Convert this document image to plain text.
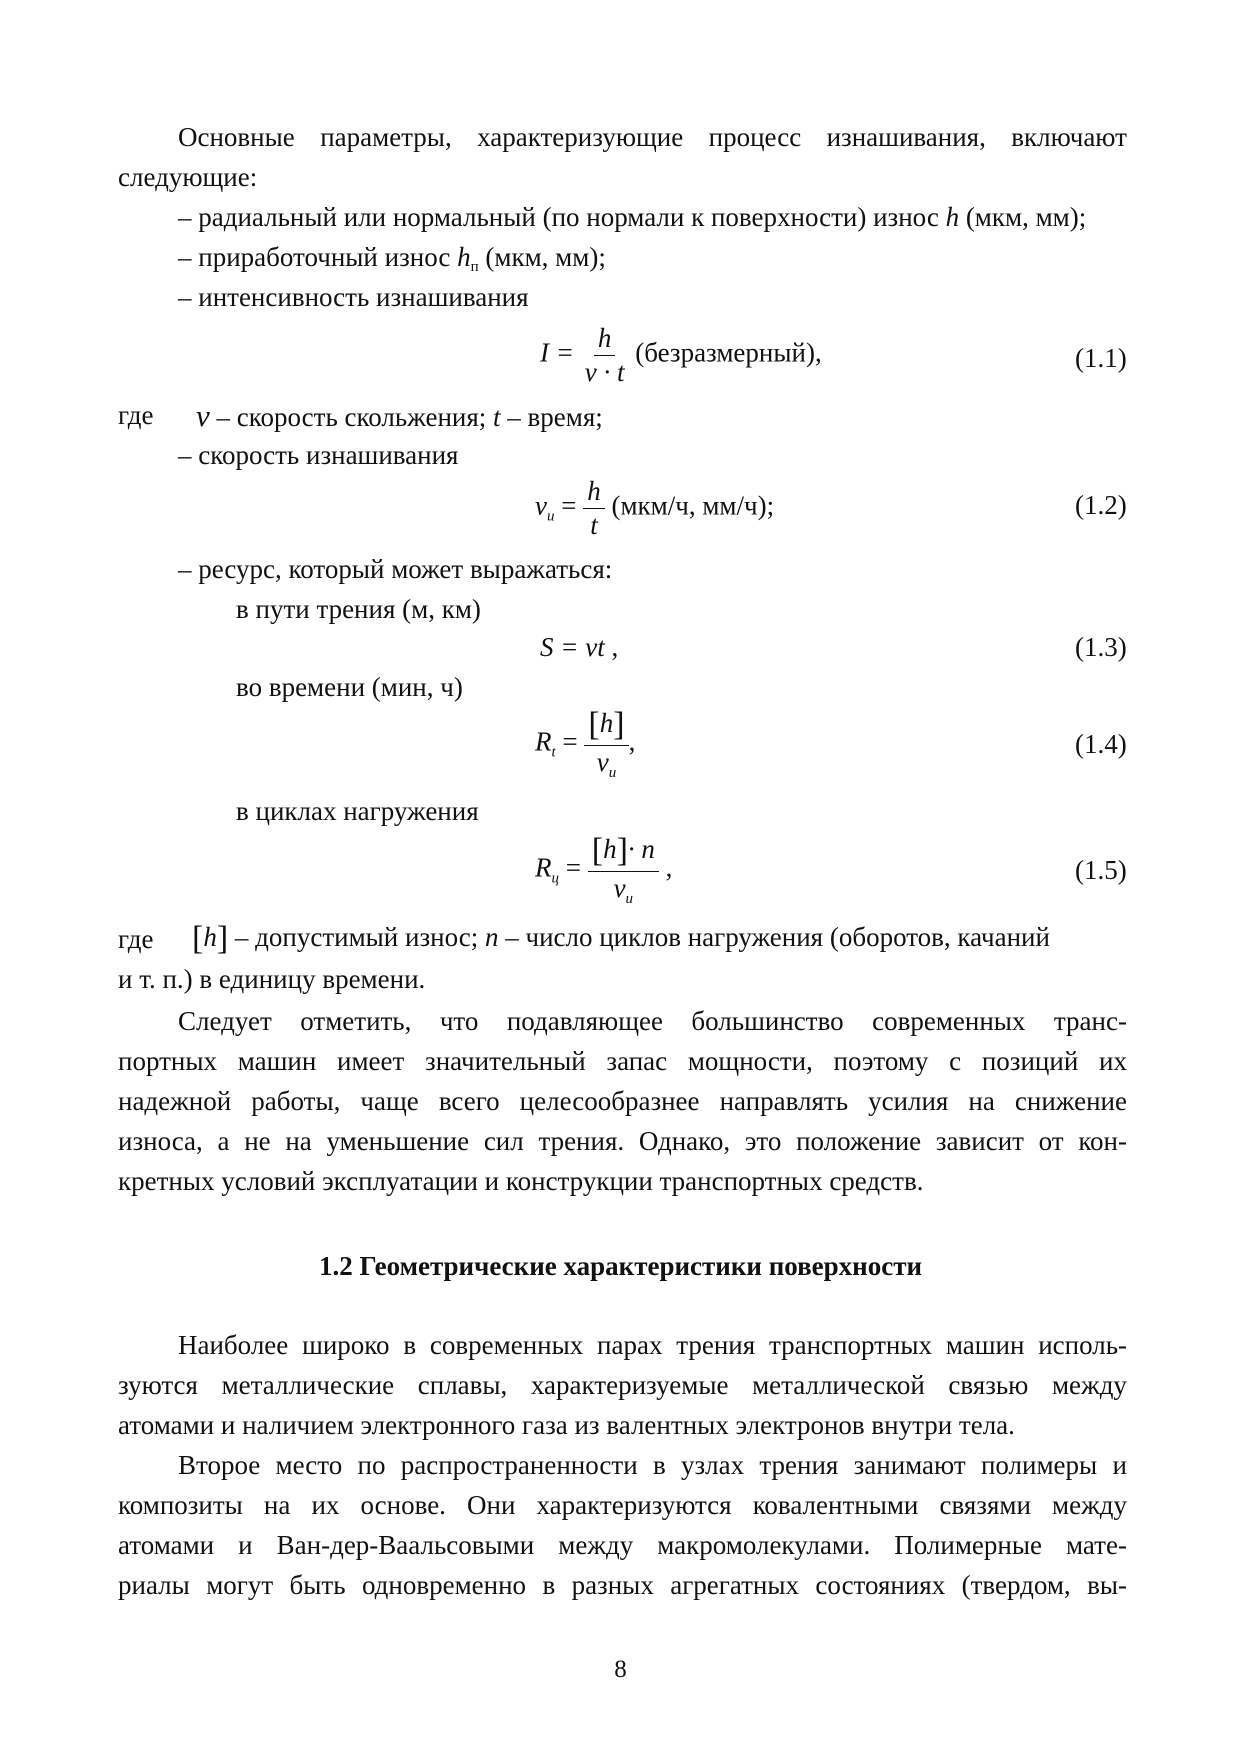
Основные параметры, характеризующие процесс изнашивания, включают
следующие:
– радиальный или нормальный (по нормали к поверхности) износ h (мкм, мм);
– приработочный износ hп (мкм, мм);
– интенсивность изнашивания
$I = \frac{h}{v \cdot t}$ (безразмерный),	(1.1)
где v – скорость скольжения; t – время;
– скорость изнашивания
$v_и = \frac{h}{t} (мкм/ч$, мм/ч);	(1.2)
– ресурс, который может выражаться:
в пути трения (м, км)
S = vt ,	(1.3)
во времени (мин, ч)
$R_t = \frac{[h]}{v_и}$ ,	(1.4)
в циклах нагружения
$R_ц = \frac{[h]\cdot n}{v_и}$ ,	(1.5)
где [h] – допустимый износ; n – число циклов нагружения (оборотов, качаний
и т. п.) в единицу времени.
Следует отметить, что подавляющее большинство современных транс-
портных машин имеет значительный запас мощности, поэтому с позиций их
надежной работы, чаще всего целесообразнее направлять усилия на снижение
износа, а не на уменьшение сил трения. Однако, это положение зависит от кон-
кретных условий эксплуатации и конструкции транспортных средств.
1.2 Геометрические характеристики поверхности
Наиболее широко в современных парах трения транспортных машин исполь-
зуются металлические сплавы, характеризуемые металлической связью между
атомами и наличием электронного газа из валентных электронов внутри тела.
Второе место по распространенности в узлах трения занимают полимеры и
композиты на их основе. Они характеризуются ковалентными связями между
атомами и Ван-дер-Ваальсовыми между макромолекулами. Полимерные мате-
риалы могут быть одновременно в разных агрегатных состояниях (твердом, вы-
8
